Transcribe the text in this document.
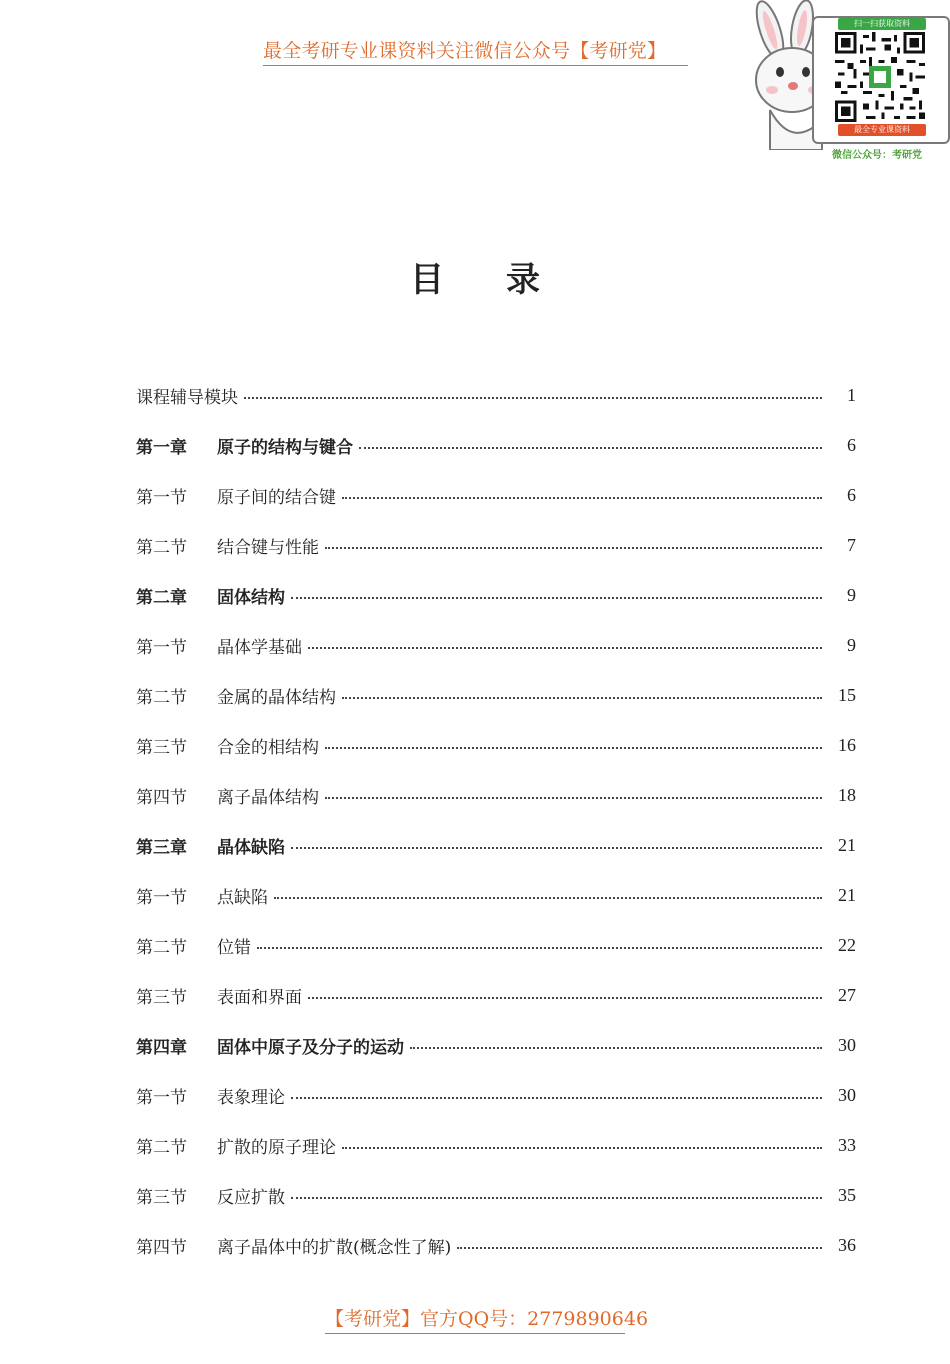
最全考研专业课资料关注微信公众号【考研党】
扫一扫获取资料
最全专业课资料
微信公众号：考研党
目录
课程辅导模块	1
第一章	原子的结构与键合	6
第一节	原子间的结合键	6
第二节	结合键与性能	7
第二章	固体结构	9
第一节	晶体学基础	9
第二节	金属的晶体结构	15
第三节	合金的相结构	16
第四节	离子晶体结构	18
第三章	晶体缺陷	21
第一节	点缺陷	21
第二节	位错	22
第三节	表面和界面	27
第四章	固体中原子及分子的运动	30
第一节	表象理论	30
第二节	扩散的原子理论	33
第三节	反应扩散	35
第四节	离子晶体中的扩散(概念性了解)	36
【考研党】官方QQ号：2779890646
